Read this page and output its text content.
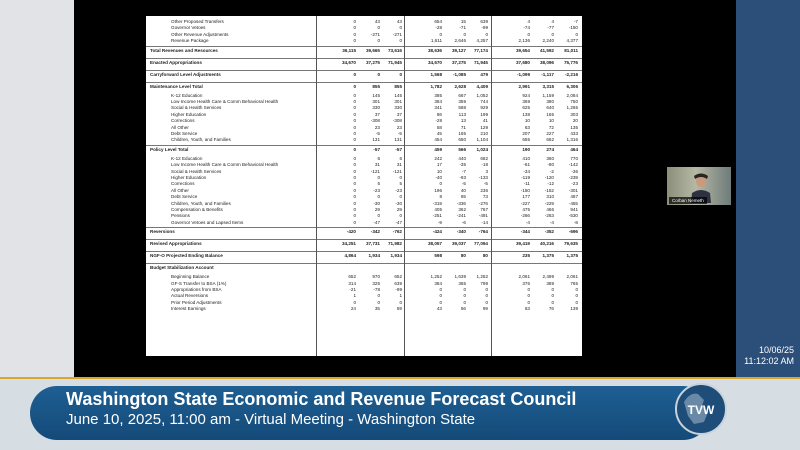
Other Proposed Transfers	0	43	43	654	15	639	4	4	-7
Governor Vetoes	0	0	0	-28	-71	-99	-74	-77	-150
Other Revenue Adjustments	0	-271	-271	0	0	0	0	0	0
Revenue Package	0	0	0	1,611	2,646	4,257	2,136	2,240	4,377
Total Revenues and Resources	36,115	39,665	73,616	38,636	39,127	77,174	39,654	41,592	81,011
Enacted Appropriations	34,670	37,275	71,945	34,670	37,275	71,945	37,680	38,096	75,776
Carryforward Level Adjustments	0	0	0	1,568	-1,085	479	-1,099	-1,117	-2,216
Maintenance Level Total	0	855	855	1,782	2,628	4,409	2,991	3,315	6,306
K-12 Education	0	145	145	385	667	1,052	924	1,159	2,084
Low Income Health Care & Comm Behavioral Health	0	301	301	384	359	744	369	380	750
Social & Health Services	0	330	330	341	588	929	625	640	1,265
Higher Education	0	37	37	86	113	199	138	165	303
Corrections	0	-308	-308	-28	13	41	10	10	20
All Other	0	23	23	58	71	129	63	72	135
Debt Service	0	-5	-5	45	165	210	207	227	433
Children, Youth, and Families	0	131	131	454	650	1,104	655	662	1,316
Policy Level Total	0	-57	-57	459	566	1,024	190	274	464
K-12 Education	0	6	6	242	440	682	410	360	770
Low Income Health Care & Comm Behavioral Health	0	31	31	17	-35	-18	-61	-80	-142
Social & Health Services	0	-121	-121	10	-7	3	-34	-2	-36
Higher Education	0	0	0	-40	-93	-133	-119	-120	-239
Corrections	0	5	5	0	-5	-5	-11	-12	-23
All Other	0	-23	-23	196	40	236	-150	-152	-301
Debt Service	0	0	0	8	65	73	177	310	487
Children, Youth, and Families	0	-30	-30	-319	-336	-276	-227	-229	-455
Compensation & Benefits	0	29	29	405	362	767	475	466	941
Pensions	0	0	0	-251	-241	-491	-266	-263	-530
Governor Vetoes and Lapsed Items	0	-47	-47	-9	-6	-14	-4	-4	-8
Reversions	-420	-342	-762	-424	-340	-764	-344	-352	-696
Revised Appropriations	34,251	37,731	71,982	38,057	39,037	77,094	39,419	40,216	79,635
NGF-O Projected Ending Balance	4,864	1,934	1,934	598	80	80	235	1,375	1,375
Budget Stabilization Account
Beginning Balance	652	970	652	1,252	1,639	1,252	2,061	2,499	2,061
GF-S Transfer to BSA (1%)	314	325	639	384	365	799	376	389	765
Appropriations from BSA	-21	-78	-99	0	0	0	0	0	0
Actual Reversions	1	0	1	0	0	0	0	0	0
Prior Period Adjustments	0	0	0	0	0	0	0	0	0
Interest Earnings	24	35	59	43	56	99	63	76	139
Corban Nemeth
10/06/25
11:12:02 AM
Washington State Economic and Revenue Forecast Council
June 10, 2025, 11:00 am - Virtual Meeting - Washington State
TVW
